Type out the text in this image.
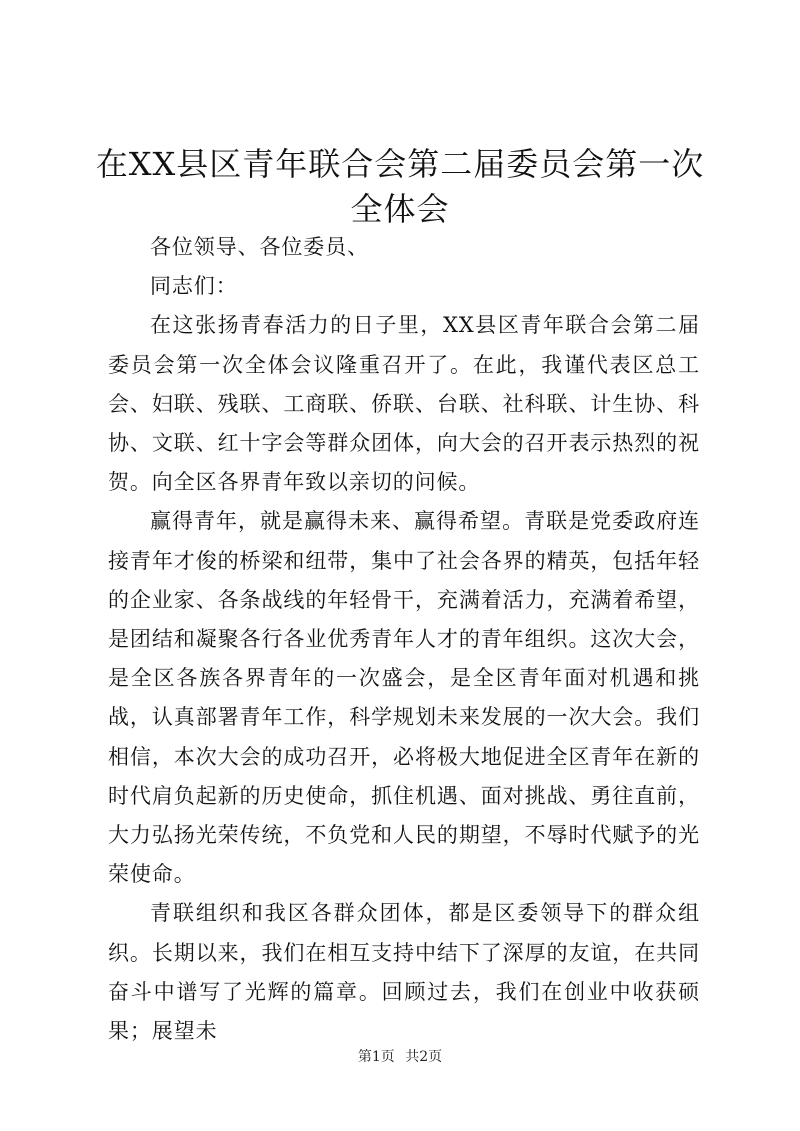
在XX县区青年联合会第二届委员会第一次全体会

各位领导、各位委员、

同志们：

在这张扬青春活力的日子里，XX县区青年联合会第二届委员会第一次全体会议隆重召开了。在此，我谨代表区总工会、妇联、残联、工商联、侨联、台联、社科联、计生协、科协、文联、红十字会等群众团体，向大会的召开表示热烈的祝贺。向全区各界青年致以亲切的问候。

赢得青年，就是赢得未来、赢得希望。青联是党委政府连接青年才俊的桥梁和纽带，集中了社会各界的精英，包括年轻的企业家、各条战线的年轻骨干，充满着活力，充满着希望，是团结和凝聚各行各业优秀青年人才的青年组织。这次大会，是全区各族各界青年的一次盛会，是全区青年面对机遇和挑战，认真部署青年工作，科学规划未来发展的一次大会。我们相信，本次大会的成功召开，必将极大地促进全区青年在新的时代肩负起新的历史使命，抓住机遇、面对挑战、勇往直前，大力弘扬光荣传统，不负党和人民的期望，不辱时代赋予的光荣使命。

青联组织和我区各群众团体，都是区委领导下的群众组织。长期以来，我们在相互支持中结下了深厚的友谊，在共同奋斗中谱写了光辉的篇章。回顾过去，我们在创业中收获硕果；展望未

第1页 共2页
